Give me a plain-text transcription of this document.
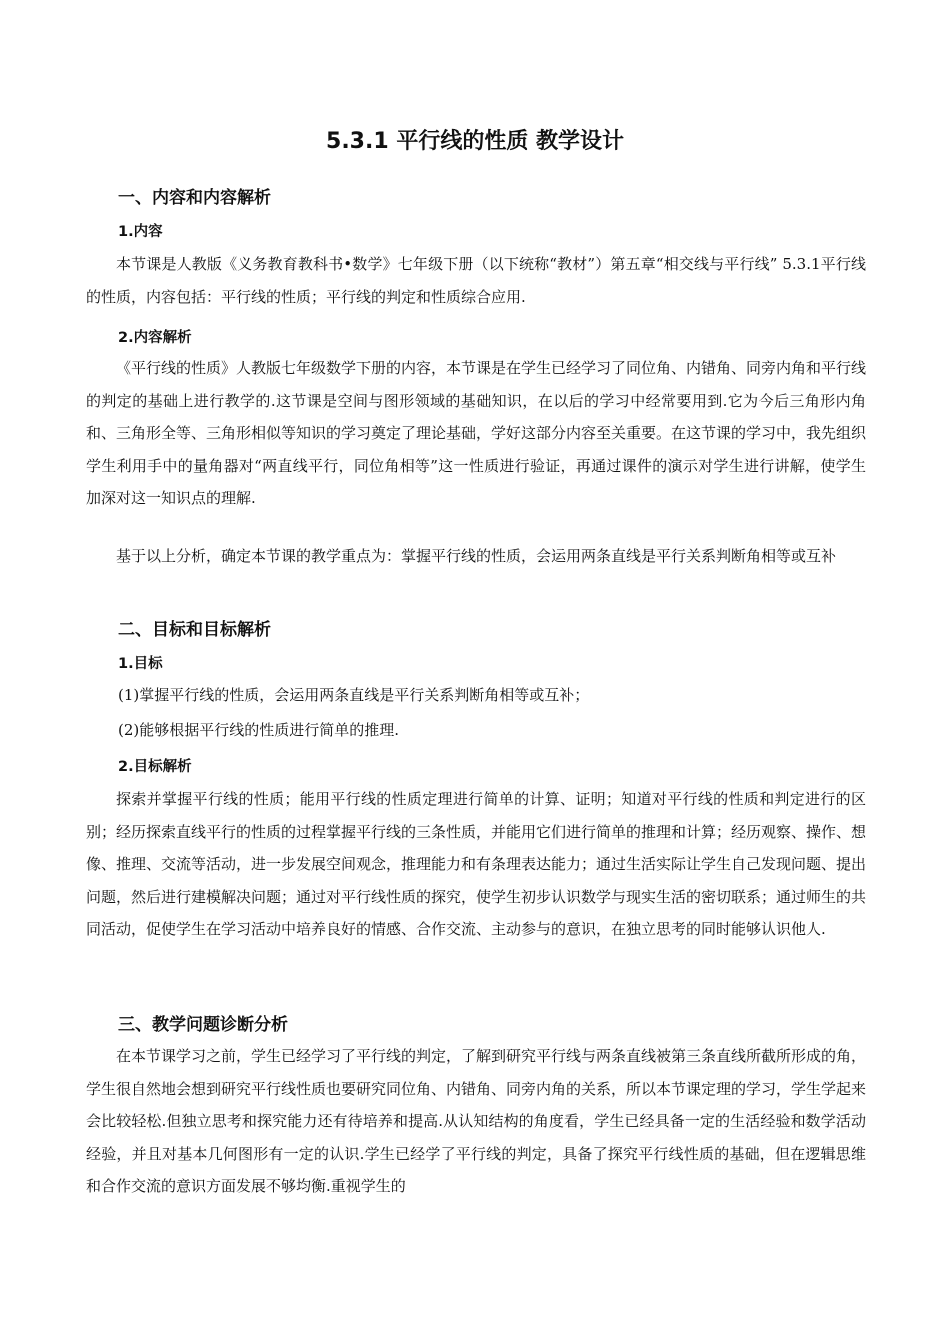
5.3.1 平行线的性质 教学设计
一、内容和内容解析
1.内容

本节课是人教版《义务教育教科书•数学》七年级下册（以下统称“教材”）第五章“相交线与平行线” 5.3.1平行线的性质，内容包括：平行线的性质；平行线的判定和性质综合应用.

2.内容解析

《平行线的性质》人教版七年级数学下册的内容，本节课是在学生已经学习了同位角、内错角、同旁内角和平行线的判定的基础上进行教学的.这节课是空间与图形领域的基础知识，在以后的学习中经常要用到.它为今后三角形内角和、三角形全等、三角形相似等知识的学习奠定了理论基础，学好这部分内容至关重要。在这节课的学习中，我先组织学生利用手中的量角器对“两直线平行，同位角相等”这一性质进行验证，再通过课件的演示对学生进行讲解，使学生加深对这一知识点的理解.

基于以上分析，确定本节课的教学重点为：掌握平行线的性质，会运用两条直线是平行关系判断角相等或互补

二、目标和目标解析
1.目标
(1)掌握平行线的性质，会运用两条直线是平行关系判断角相等或互补；
(2)能够根据平行线的性质进行简单的推理.
2.目标解析

探索并掌握平行线的性质；能用平行线的性质定理进行简单的计算、证明；知道对平行线的性质和判定进行的区别；经历探索直线平行的性质的过程掌握平行线的三条性质，并能用它们进行简单的推理和计算；经历观察、操作、想像、推理、交流等活动，进一步发展空间观念，推理能力和有条理表达能力；通过生活实际让学生自己发现问题、提出问题，然后进行建模解决问题；通过对平行线性质的探究，使学生初步认识数学与现实生活的密切联系；通过师生的共同活动，促使学生在学习活动中培养良好的情感、合作交流、主动参与的意识，在独立思考的同时能够认识他人.

三、教学问题诊断分析

在本节课学习之前，学生已经学习了平行线的判定，了解到研究平行线与两条直线被第三条直线所截所形成的角，学生很自然地会想到研究平行线性质也要研究同位角、内错角、同旁内角的关系，所以本节课定理的学习，学生学起来会比较轻松.但独立思考和探究能力还有待培养和提高.从认知结构的角度看，学生已经具备一定的生活经验和数学活动经验，并且对基本几何图形有一定的认识.学生已经学了平行线的判定，具备了探究平行线性质的基础，但在逻辑思维和合作交流的意识方面发展不够均衡.重视学生的
